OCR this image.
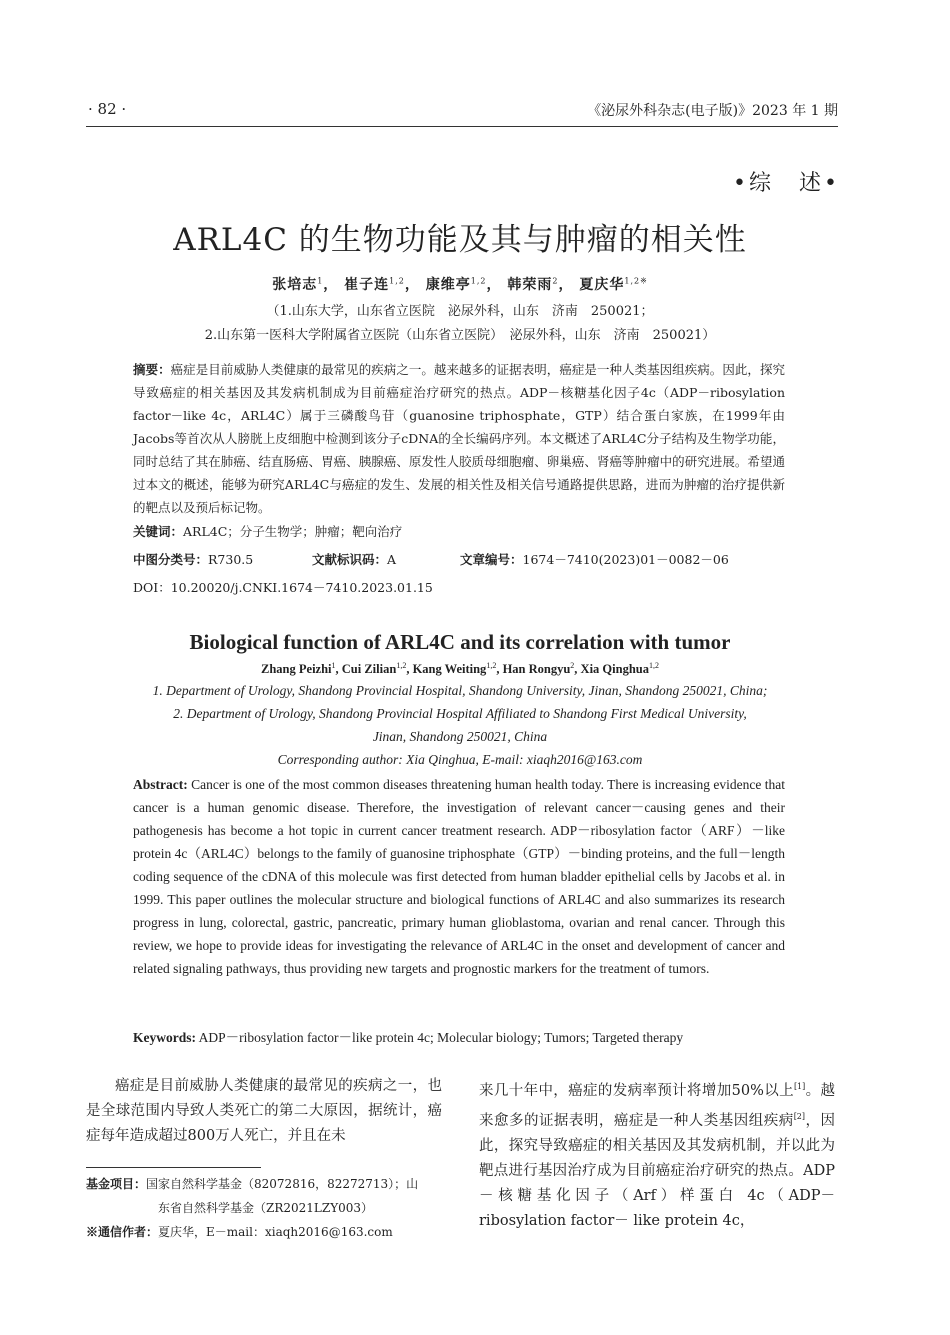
· 82 ·	《泌尿外科杂志(电子版)》2023 年 1 期
•综　述•
ARL4C 的生物功能及其与肿瘤的相关性
张培志$^1$， 崔子连$^{1,2}$， 康维亭$^{1,2}$， 韩荣雨$^2$， 夏庆华$^{1,2※}$
（1.山东大学，山东省立医院　泌尿外科，山东　济南　250021；
2.山东第一医科大学附属省立医院（山东省立医院）　泌尿外科，山东　济南　250021）
摘要：癌症是目前威胁人类健康的最常见的疾病之一。越来越多的证据表明，癌症是一种人类基因组疾病。因此，探究导致癌症的相关基因及其发病机制成为目前癌症治疗研究的热点。ADP－核糖基化因子4c（ADP－ribosylation factor－like 4c，ARL4C）属于三磷酸鸟苷（guanosine triphosphate，GTP）结合蛋白家族，在1999年由Jacobs等首次从人膀胱上皮细胞中检测到该分子cDNA的全长编码序列。本文概述了ARL4C分子结构及生物学功能，同时总结了其在肺癌、结直肠癌、胃癌、胰腺癌、原发性人胶质母细胞瘤、卵巢癌、肾癌等肿瘤中的研究进展。希望通过本文的概述，能够为研究ARL4C与癌症的发生、发展的相关性及相关信号通路提供思路，进而为肿瘤的治疗提供新的靶点以及预后标记物。
关键词：ARL4C；分子生物学；肿瘤；靶向治疗
中图分类号：R730.5	文献标识码：A	文章编号：1674－7410(2023)01－0082－06
DOI：10.20020/j.CNKI.1674－7410.2023.01.15
Biological function of ARL4C and its correlation with tumor
Zhang Peizhi$^1$, Cui Zilian$^{1,2}$, Kang Weiting$^{1,2}$, Han Rongyu$^2$, Xia Qinghua$^{1,2}$
1. Department of Urology, Shandong Provincial Hospital, Shandong University, Jinan, Shandong 250021, China;
2. Department of Urology, Shandong Provincial Hospital Affiliated to Shandong First Medical University,
Jinan, Shandong 250021, China
Corresponding author: Xia Qinghua, E-mail: xiaqh2016@163.com
Abstract: Cancer is one of the most common diseases threatening human health today. There is increasing evidence that cancer is a human genomic disease. Therefore, the investigation of relevant cancer－causing genes and their pathogenesis has become a hot topic in current cancer treatment research. ADP－ribosylation factor（ARF）－like protein 4c（ARL4C）belongs to the family of guanosine triphosphate（GTP）－binding proteins, and the full－length coding sequence of the cDNA of this molecule was first detected from human bladder epithelial cells by Jacobs et al. in 1999. This paper outlines the molecular structure and biological functions of ARL4C and also summarizes its research progress in lung, colorectal, gastric, pancreatic, primary human glioblastoma, ovarian and renal cancer. Through this review, we hope to provide ideas for investigating the relevance of ARL4C in the onset and development of cancer and related signaling pathways, thus providing new targets and prognostic markers for the treatment of tumors.
Keywords: ADP－ribosylation factor－like protein 4c; Molecular biology; Tumors; Targeted therapy
癌症是目前威胁人类健康的最常见的疾病之一，也是全球范围内导致人类死亡的第二大原因，据统计，癌症每年造成超过800万人死亡，并且在未
来几十年中，癌症的发病率预计将增加50%以上[1]。越来愈多的证据表明，癌症是一种人类基因组疾病[2]，因此，探究导致癌症的相关基因及其发病机制，并以此为靶点进行基因治疗成为目前癌症治疗研究的热点。ADP－核糖基化因子（Arf）样蛋白 4c（ADP－ ribosylation factor－ like protein 4c，
基金项目：国家自然科学基金（82072816，82272713）；山
东省自然科学基金（ZR2021LZY003）
※通信作者：夏庆华，E－mail：xiaqh2016@163.com
